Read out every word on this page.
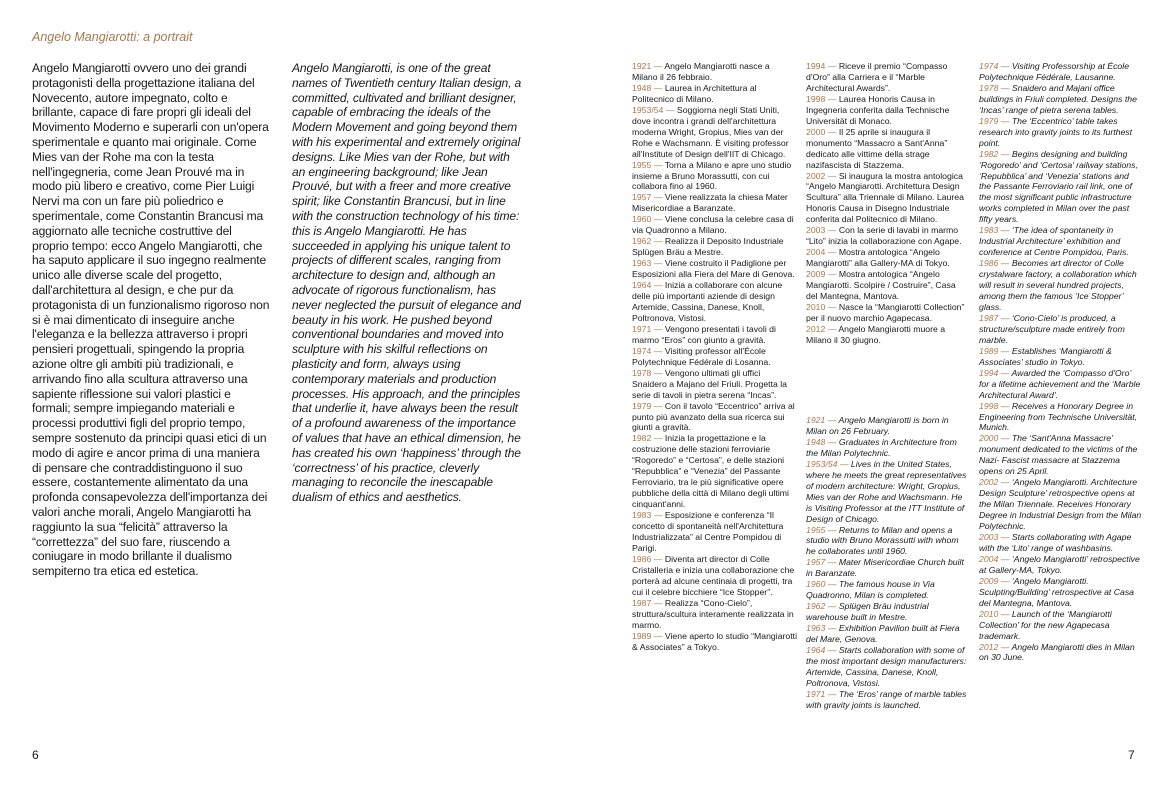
Angelo Mangiarotti: a portrait

Angelo Mangiarotti ovvero uno dei grandi protagonisti della progettazione italiana del Novecento, autore impegnato, colto e brillante, capace di fare propri gli ideali del Movimento Moderno e superarli con un'opera sperimentale e quanto mai originale. Come Mies van der Rohe ma con la testa nell'ingegneria, come Jean Prouvé ma in modo più libero e creativo, come Pier Luigi Nervi ma con un fare più poliedrico e sperimentale, come Constantin Brancusi ma aggiornato alle tecniche costruttive del proprio tempo: ecco Angelo Mangiarotti, che ha saputo applicare il suo ingegno realmente unico alle diverse scale del progetto, dall'architettura al design, e che pur da protagonista di un funzionalismo rigoroso non si è mai dimenticato di inseguire anche l'eleganza e la bellezza attraverso i propri pensieri progettuali, spingendo la propria azione oltre gli ambiti più tradizionali, e arrivando fino alla scultura attraverso una sapiente riflessione sui valori plastici e formali; sempre impiegando materiali e processi produttivi figli del proprio tempo, sempre sostenuto da principi quasi etici di un modo di agire e ancor prima di una maniera di pensare che contraddistinguono il suo essere, costantemente alimentato da una profonda consapevolezza dell'importanza dei valori anche morali, Angelo Mangiarotti ha raggiunto la sua “felicità” attraverso la “correttezza” del suo fare, riuscendo a coniugare in modo brillante il dualismo sempiterno tra etica ed estetica.

Angelo Mangiarotti, is one of the great names of Twentieth century Italian design, a committed, cultivated and brilliant designer, capable of embracing the ideals of the Modern Movement and going beyond them with his experimental and extremely original designs. Like Mies van der Rohe, but with an engineering background; like Jean Prouvé, but with a freer and more creative spirit; like Constantin Brancusi, but in line with the construction technology of his time: this is Angelo Mangiarotti. He has succeeded in applying his unique talent to projects of different scales, ranging from architecture to design and, although an advocate of rigorous functionalism, has never neglected the pursuit of elegance and beauty in his work. He pushed beyond conventional boundaries and moved into sculpture with his skilful reflections on plasticity and form, always using contemporary materials and production processes. His approach, and the principles that underlie it, have always been the result of a profound awareness of the importance of values that have an ethical dimension, he has created his own ‘happiness’ through the ‘correctness’ of his practice, cleverly managing to reconcile the inescapable dualism of ethics and aesthetics.

1921 — Angelo Mangiarotti nasce a Milano il 26 febbraio.
1948 — Laurea in Architettura al Politecnico di Milano.
1953/54 — Soggiorna negli Stati Uniti, dove incontra i grandi dell'architettura moderna Wright, Gropius, Mies van der Rohe e Wachsmann. È visiting professor all'Institute of Design dell'IIT di Chicago.
1955 — Torna a Milano e apre uno studio insieme a Bruno Morassutti, con cui collabora fino al 1960.
1957 — Viene realizzata la chiesa Mater Misericordiae a Baranzate.
1960 — Viene conclusa la celebre casa di via Quadronno a Milano.
1962 — Realizza il Deposito Industriale Splügen Bräu a Mestre.
1963 — Viene costruito il Padiglione per Esposizioni alla Fiera del Mare di Genova.
1964 — Inizia a collaborare con alcune delle più importanti aziende di design Artemide, Cassina, Danese, Knoll, Poltronova, Vistosi.
1971 — Vengono presentati i tavoli di marmo “Eros” con giunto a gravità.
1974 — Visiting professor all'École Polytechnique Fédérale di Losanna.
1978 — Vengono ultimati gli uffici Snaidero a Majano del Friuli. Progetta la serie di tavoli in pietra serena “Incas”.
1979 — Con il tavolo “Eccentrico” arriva al punto più avanzato della sua ricerca sui giunti a gravità.
1982 — Inizia la progettazione e la costruzione delle stazioni ferroviarie “Rogoredo” e “Certosa”, e delle stazioni “Repubblica” e “Venezia” del Passante Ferroviario, tra le più significative opere pubbliche della città di Milano degli ultimi cinquant'anni.
1983 — Esposizione e conferenza “Il concetto di spontaneità nell'Architettura Industrializzata” al Centre Pompidou di Parigi.
1986 — Diventa art director di Colle Cristalleria e inizia una collaborazione che porterà ad alcune centinaia di progetti, tra cui il celebre bicchiere “Ice Stopper”.
1987 — Realizza “Cono-Cielo”, struttura/scultura interamente realizzata in marmo.
1989 — Viene aperto lo studio “Mangiarotti & Associates” a Tokyo.
1994 — Riceve il premio “Compasso d'Oro” alla Carriera e il “Marble Architectural Awards”.
1998 — Laurea Honoris Causa in Ingegneria conferita dalla Technische Universität di Monaco.
2000 — Il 25 aprile si inaugura il monumento “Massacro a Sant'Anna” dedicato alle vittime della strage nazifascista di Stazzema.
2002 — Si inaugura la mostra antologica “Angelo Mangiarotti. Architettura Design Scultura” alla Triennale di Milano. Laurea Honoris Causa in Disegno Industriale conferita dal Politecnico di Milano.
2003 — Con la serie di lavabi in marmo “Lito” inizia la collaborazione con Agape.
2004 — Mostra antologica “Angelo Mangiarotti” alla Gallery-MA di Tokyo.
2009 — Mostra antologica “Angelo Mangiarotti. Scolpire / Costruire”, Casa del Mantegna, Mantova.
2010 — Nasce la “Mangiarotti Collection” per il nuovo marchio Agapecasa.
2012 — Angelo Mangiarotti muore a Milano il 30 giugno.
1921 — Angelo Mangiarotti is born in Milan on 26 February.
1948 — Graduates in Architecture from the Milan Polytechnic.
1953/54 — Lives in the United States, where he meets the great representatives of modern architecture: Wright, Gropius, Mies van der Rohe and Wachsmann. He is Visiting Professor at the ITT Institute of Design of Chicago.
1955 — Returns to Milan and opens a studio with Bruno Morassutti with whom he collaborates until 1960.
1957 — Mater Misericordiae Church built in Baranzate.
1960 — The famous house in Via Quadronno, Milan is completed.
1962 — Splügen Bräu industrial warehouse built in Mestre.
1963 — Exhibition Pavilion built at Fiera del Mare, Genova.
1964 — Starts collaboration with some of the most important design manufacturers: Artemide, Cassina, Danese, Knoll, Poltronova, Vistosi.
1971 — The ‘Eros’ range of marble tables with gravity joints is launched.
1974 — Visiting Professorship at École Polytechnique Fédérale, Lausanne.
1978 — Snaidero and Majani office buildings in Friuli completed. Designs the ‘Incas’ range of pietra serena tables.
1979 — The ‘Eccentrico’ table takes research into gravity joints to its furthest point.
1982 — Begins designing and building ‘Rogoredo’ and ‘Certosa’ railway stations, ‘Repubblica’ and ‘Venezia’ stations and the Passante Ferroviario rail link, one of the most significant public infrastructure works completed in Milan over the past fifty years.
1983 — ‘The idea of spontaneity in Industrial Architecture’ exhibition and conference at Centre Pompidou, Paris.
1986 — Becomes art director of Colle crystalware factory, a collaboration which will result in several hundred projects, among them the famous ‘Ice Stopper’ glass.
1987 — ‘Cono-Cielo’ is produced, a structure/sculpture made entirely from marble.
1989 — Establishes ‘Mangiarotti & Associates’ studio in Tokyo.
1994 — Awarded the ‘Compasso d'Oro’ for a lifetime achievement and the ‘Marble Architectural Award’.
1998 — Receives a Honorary Degree in Engineering from Technische Universität, Munich.
2000 — The ‘Sant'Anna Massacre’ monument dedicated to the victims of the Nazi- Fascist massacre at Stazzema opens on 25 April.
2002 — ‘Angelo Mangiarotti. Architecture Design Sculpture’ retrospective opens at the Milan Triennale. Receives Honorary Degree in Industrial Design from the Milan Polytechnic.
2003 — Starts collaborating with Agape with the ‘Lito’ range of washbasins.
2004 — ‘Angelo Mangiarotti’ retrospective at Gallery-MA, Tokyo.
2009 — ‘Angelo Mangiarotti. Sculpting/Building’ retrospective at Casa del Mantegna, Mantova.
2010 — Launch of the ‘Mangiarotti Collection’ for the new Agapecasa trademark.
2012 — Angelo Mangiarotti dies in Milan on 30 June.
6	7
